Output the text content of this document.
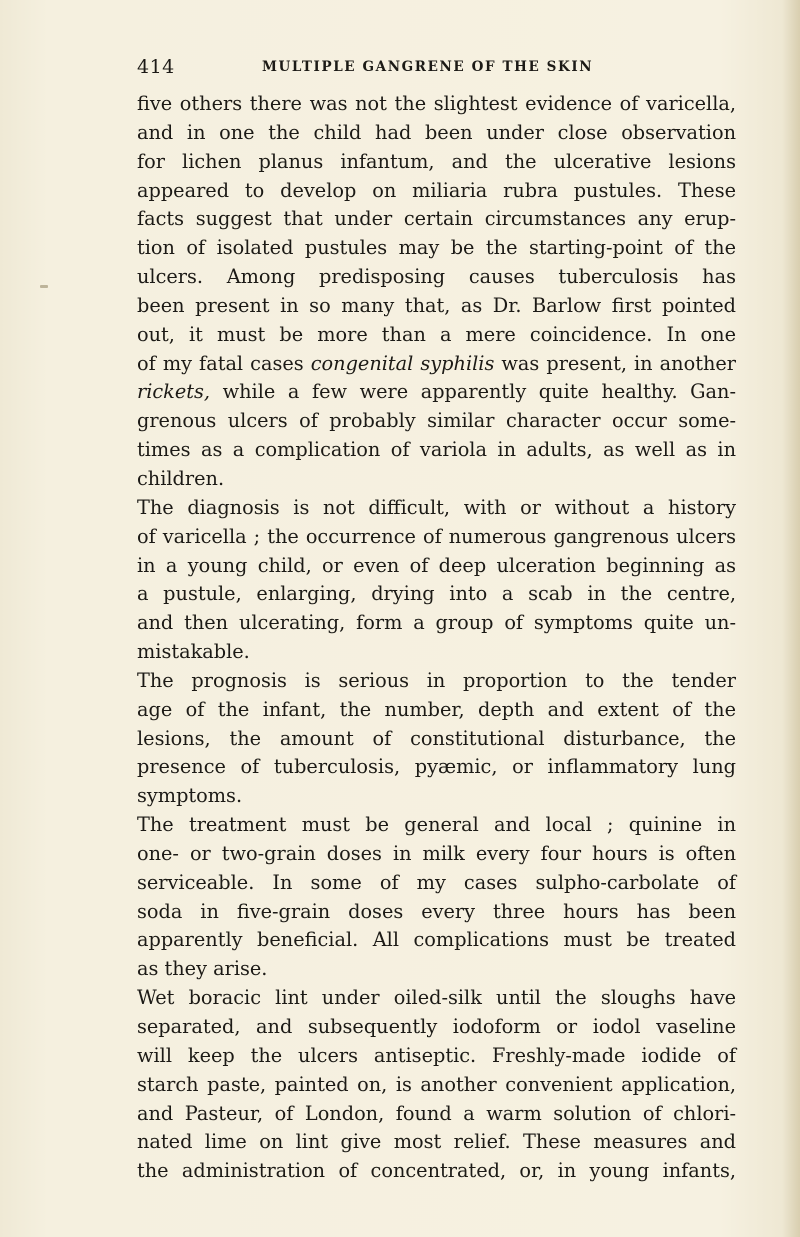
414	MULTIPLE GANGRENE OF THE SKIN
five others there was not the slightest evidence of varicella,
and in one the child had been under close observation
for lichen planus infantum, and the ulcerative lesions
appeared to develop on miliaria rubra pustules. These
facts suggest that under certain circumstances any erup-
tion of isolated pustules may be the starting-point of the
ulcers. Among predisposing causes tuberculosis has
been present in so many that, as Dr. Barlow first pointed
out, it must be more than a mere coincidence. In one
of my fatal cases congenital syphilis was present, in another
rickets, while a few were apparently quite healthy. Gan-
grenous ulcers of probably similar character occur some-
times as a complication of variola in adults, as well as in
children.
The diagnosis is not difficult, with or without a history
of varicella ; the occurrence of numerous gangrenous ulcers
in a young child, or even of deep ulceration beginning as
a pustule, enlarging, drying into a scab in the centre,
and then ulcerating, form a group of symptoms quite un-
mistakable.
The prognosis is serious in proportion to the tender
age of the infant, the number, depth and extent of the
lesions, the amount of constitutional disturbance, the
presence of tuberculosis, pyæmic, or inflammatory lung
symptoms.
The treatment must be general and local ; quinine in
one- or two-grain doses in milk every four hours is often
serviceable. In some of my cases sulpho-carbolate of
soda in five-grain doses every three hours has been
apparently beneficial. All complications must be treated
as they arise.
Wet boracic lint under oiled-silk until the sloughs have
separated, and subsequently iodoform or iodol vaseline
will keep the ulcers antiseptic. Freshly-made iodide of
starch paste, painted on, is another convenient application,
and Pasteur, of London, found a warm solution of chlori-
nated lime on lint give most relief. These measures and
the administration of concentrated, or, in young infants,
